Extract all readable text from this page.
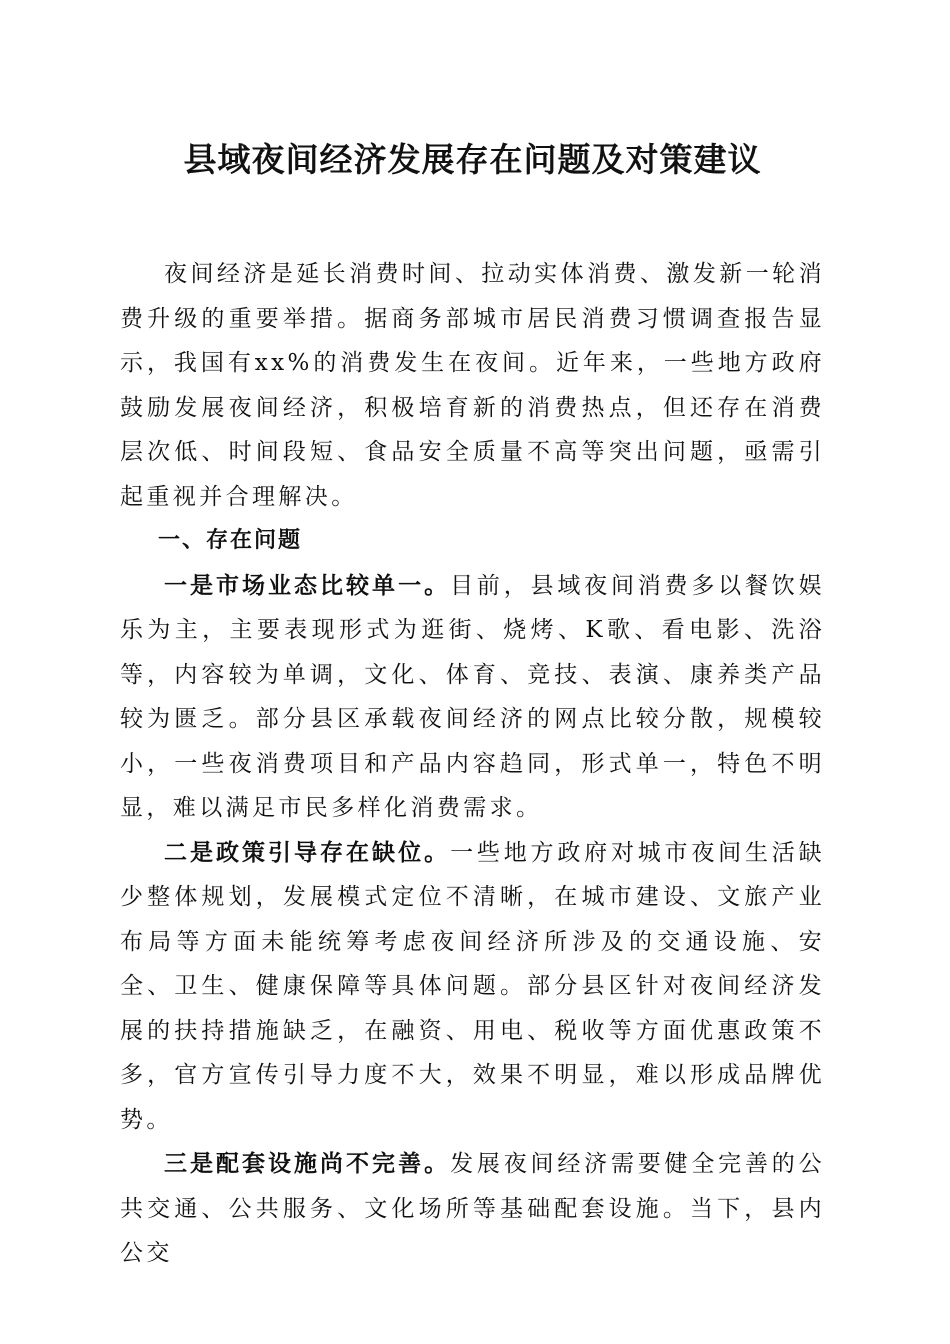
县域夜间经济发展存在问题及对策建议

夜间经济是延长消费时间、拉动实体消费、激发新一轮消费升级的重要举措。据商务部城市居民消费习惯调查报告显示，我国有xx%的消费发生在夜间。近年来，一些地方政府鼓励发展夜间经济，积极培育新的消费热点，但还存在消费层次低、时间段短、食品安全质量不高等突出问题，亟需引起重视并合理解决。

一、存在问题

一是市场业态比较单一。目前，县域夜间消费多以餐饮娱乐为主，主要表现形式为逛街、烧烤、K歌、看电影、洗浴等，内容较为单调，文化、体育、竞技、表演、康养类产品较为匮乏。部分县区承载夜间经济的网点比较分散，规模较小，一些夜消费项目和产品内容趋同，形式单一，特色不明显，难以满足市民多样化消费需求。

二是政策引导存在缺位。一些地方政府对城市夜间生活缺少整体规划，发展模式定位不清晰，在城市建设、文旅产业布局等方面未能统筹考虑夜间经济所涉及的交通设施、安全、卫生、健康保障等具体问题。部分县区针对夜间经济发展的扶持措施缺乏，在融资、用电、税收等方面优惠政策不多，官方宣传引导力度不大，效果不明显，难以形成品牌优势。

三是配套设施尚不完善。发展夜间经济需要健全完善的公共交通、公共服务、文化场所等基础配套设施。当下，县内公交
